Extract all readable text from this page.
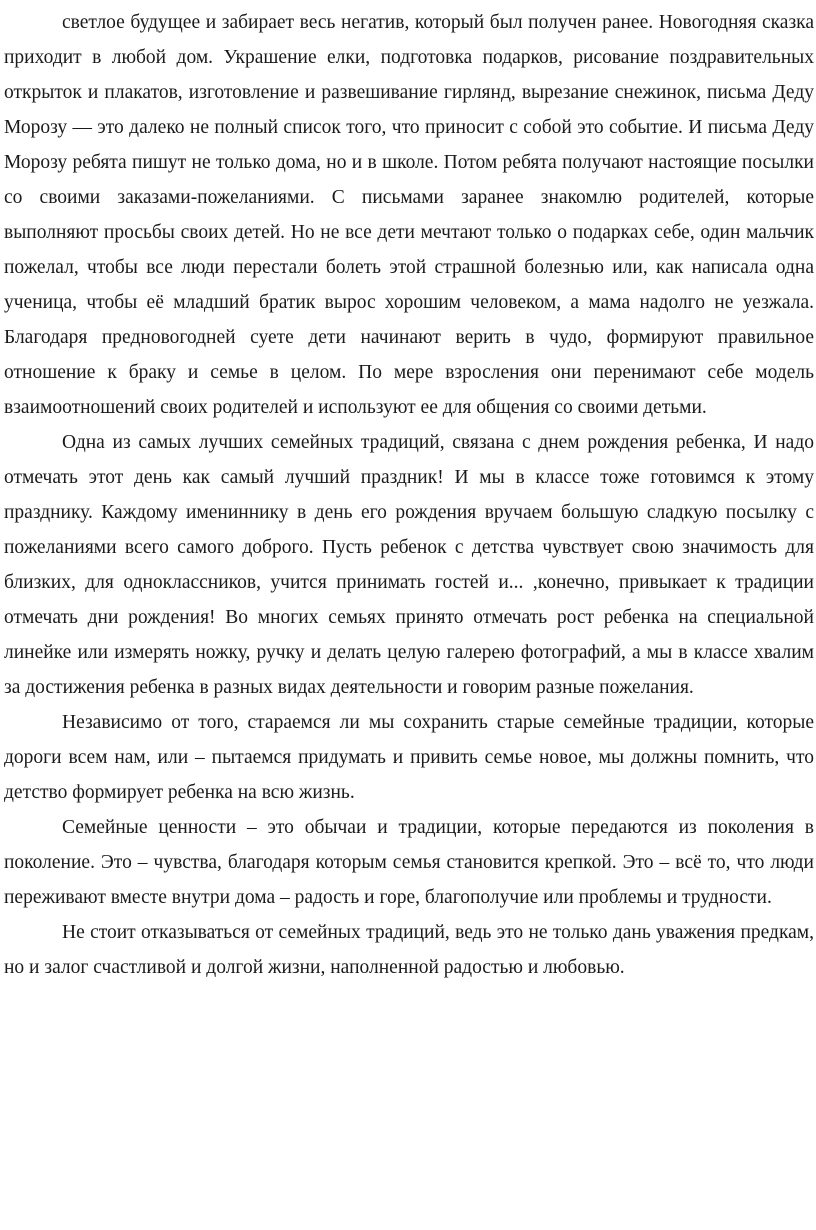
светлое будущее и забирает весь негатив, который был получен ранее. Новогодняя сказка приходит в любой дом. Украшение елки, подготовка подарков, рисование поздравительных открыток и плакатов, изготовление и развешивание гирлянд, вырезание снежинок, письма Деду Морозу — это далеко не полный список того, что приносит с собой это событие. И письма Деду Морозу ребята пишут не только дома, но и в школе. Потом ребята получают настоящие посылки со своими заказами-пожеланиями. С письмами заранее знакомлю родителей, которые выполняют просьбы своих детей. Но не все дети мечтают только о подарках себе, один мальчик пожелал, чтобы все люди перестали болеть этой страшной болезнью или, как написала одна ученица, чтобы её младший братик вырос хорошим человеком, а мама надолго не уезжала. Благодаря предновогодней суете дети начинают верить в чудо, формируют правильное отношение к браку и семье в целом. По мере взросления они перенимают себе модель взаимоотношений своих родителей и используют ее для общения со своими детьми.

Одна из самых лучших семейных традиций, связана с днем рождения ребенка, И надо отмечать этот день как самый лучший праздник! И мы в классе тоже готовимся к этому празднику. Каждому имениннику в день его рождения вручаем большую сладкую посылку с пожеланиями всего самого доброго. Пусть ребенок с детства чувствует свою значимость для близких, для одноклассников, учится принимать гостей и... ,конечно, привыкает к традиции отмечать дни рождения! Во многих семьях принято отмечать рост ребенка на специальной линейке или измерять ножку, ручку и делать целую галерею фотографий, а мы в классе хвалим за достижения ребенка в разных видах деятельности и говорим разные пожелания.

Независимо от того, стараемся ли мы сохранить старые семейные традиции, которые дороги всем нам, или – пытаемся придумать и привить семье новое, мы должны помнить, что детство формирует ребенка на всю жизнь.

Семейные ценности – это обычаи и традиции, которые передаются из поколения в поколение. Это – чувства, благодаря которым семья становится крепкой. Это – всё то, что люди переживают вместе внутри дома – радость и горе, благополучие или проблемы и трудности.

Не стоит отказываться от семейных традиций, ведь это не только дань уважения предкам, но и залог счастливой и долгой жизни, наполненной радостью и любовью.
